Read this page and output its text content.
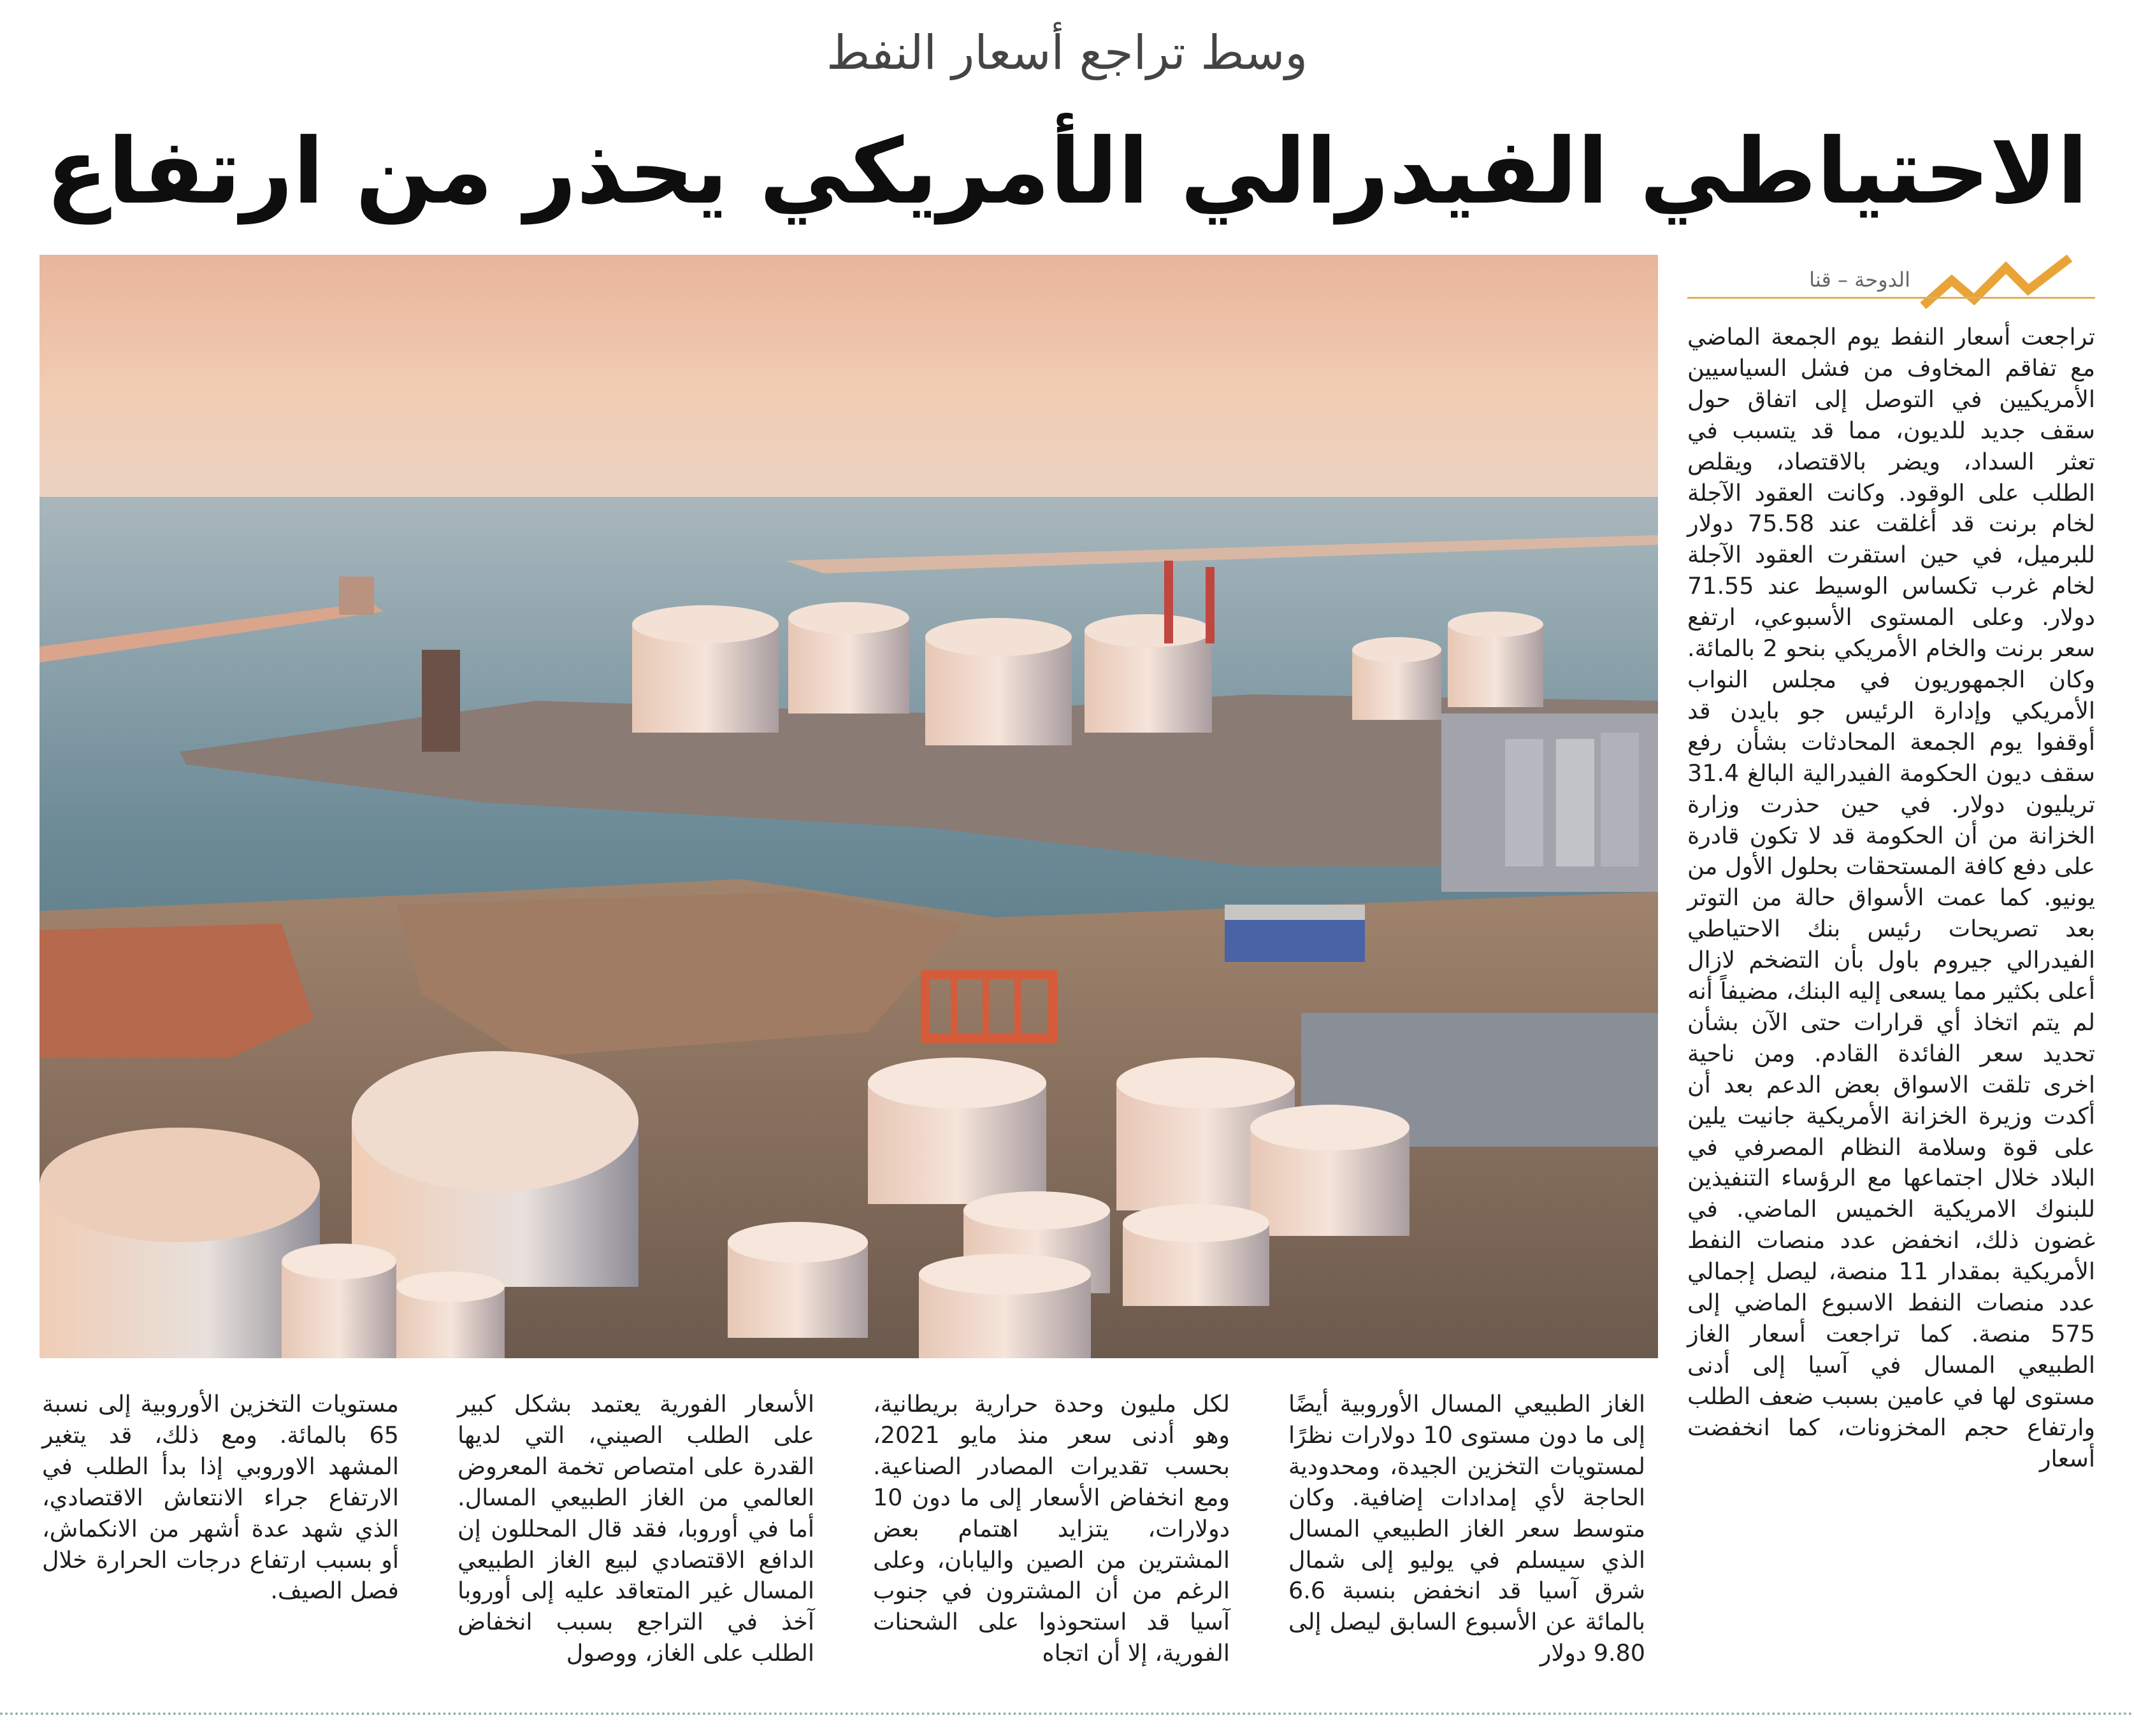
وسط تراجع أسعار النفط
الاحتياطي الفيدرالي الأمريكي يحذر من ارتفاع
الدوحة – قنا
تراجعت أسعار النفط يوم الجمعة الماضي مع تفاقم المخاوف من فشل السياسيين الأمريكيين في التوصل إلى اتفاق حول سقف جديد للديون، مما قد يتسبب في تعثر السداد، ويضر بالاقتصاد، ويقلص الطلب على الوقود. وكانت العقود الآجلة لخام برنت قد أغلقت عند 75.58 دولار للبرميل، في حين استقرت العقود الآجلة لخام غرب تكساس الوسيط عند 71.55 دولار. وعلى المستوى الأسبوعي، ارتفع سعر برنت والخام الأمريكي بنحو 2 بالمائة. وكان الجمهوريون في مجلس النواب الأمريكي وإدارة الرئيس جو بايدن قد أوقفوا يوم الجمعة المحادثات بشأن رفع سقف ديون الحكومة الفيدرالية البالغ 31.4 تريليون دولار. في حين حذرت وزارة الخزانة من أن الحكومة قد لا تكون قادرة على دفع كافة المستحقات بحلول الأول من يونيو. كما عمت الأسواق حالة من التوتر بعد تصريحات رئيس بنك الاحتياطي الفيدرالي جيروم باول بأن التضخم لازال أعلى بكثير مما يسعى إليه البنك، مضيفاً أنه لم يتم اتخاذ أي قرارات حتى الآن بشأن تحديد سعر الفائدة القادم. ومن ناحية اخرى تلقت الاسواق بعض الدعم بعد أن أكدت وزيرة الخزانة الأمريكية جانيت يلين على قوة وسلامة النظام المصرفي في البلاد خلال اجتماعها مع الرؤساء التنفيذين للبنوك الامريكية الخميس الماضي. في غضون ذلك، انخفض عدد منصات النفط الأمريكية بمقدار 11 منصة، ليصل إجمالي عدد منصات النفط الاسبوع الماضي إلى 575 منصة. كما تراجعت أسعار الغاز الطبيعي المسال في آسيا إلى أدنى مستوى لها في عامين بسبب ضعف الطلب وارتفاع حجم المخزونات، كما انخفضت أسعار
الغاز الطبيعي المسال الأوروبية أيضًا إلى ما دون مستوى 10 دولارات نظرًا لمستويات التخزين الجيدة، ومحدودية الحاجة لأي إمدادات إضافية. وكان متوسط سعر الغاز الطبيعي المسال الذي سيسلم في يوليو إلى شمال شرق آسيا قد انخفض بنسبة 6.6 بالمائة عن الأسبوع السابق ليصل إلى 9.80 دولار
لكل مليون وحدة حرارية بريطانية، وهو أدنى سعر منذ مايو 2021، بحسب تقديرات المصادر الصناعية. ومع انخفاض الأسعار إلى ما دون 10 دولارات، يتزايد اهتمام بعض المشترين من الصين واليابان، وعلى الرغم من أن المشترون في جنوب آسيا قد استحوذوا على الشحنات الفورية، إلا أن اتجاه
الأسعار الفورية يعتمد بشكل كبير على الطلب الصيني، التي لديها القدرة على امتصاص تخمة المعروض العالمي من الغاز الطبيعي المسال. أما في أوروبا، فقد قال المحللون إن الدافع الاقتصادي لبيع الغاز الطبيعي المسال غير المتعاقد عليه إلى أوروبا آخذ في التراجع بسبب انخفاض الطلب على الغاز، ووصول
مستويات التخزين الأوروبية إلى نسبة 65 بالمائة. ومع ذلك، قد يتغير المشهد الاوروبي إذا بدأ الطلب في الارتفاع جراء الانتعاش الاقتصادي، الذي شهد عدة أشهر من الانكماش، أو بسبب ارتفاع درجات الحرارة خلال فصل الصيف.
